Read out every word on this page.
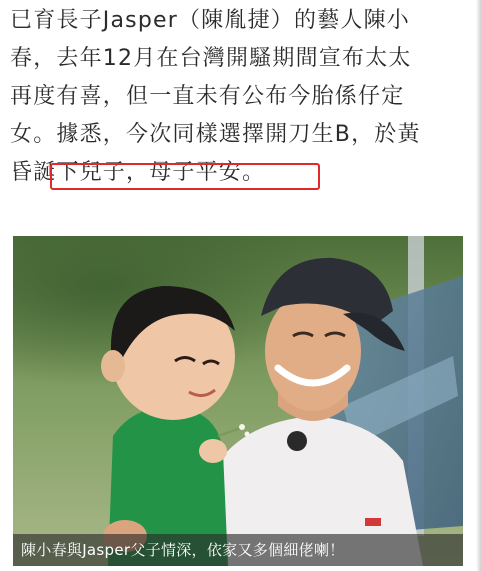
已育長子Jasper（陳胤捷）的藝人陳小
春，去年12月在台灣開騷期間宣布太太
再度有喜，但一直未有公布今胎係仔定
女。據悉，今次同樣選擇開刀生B，於黃
昏誕下兒子，母子平安。

陳小春與Jasper父子情深，依家又多個細佬喇！
